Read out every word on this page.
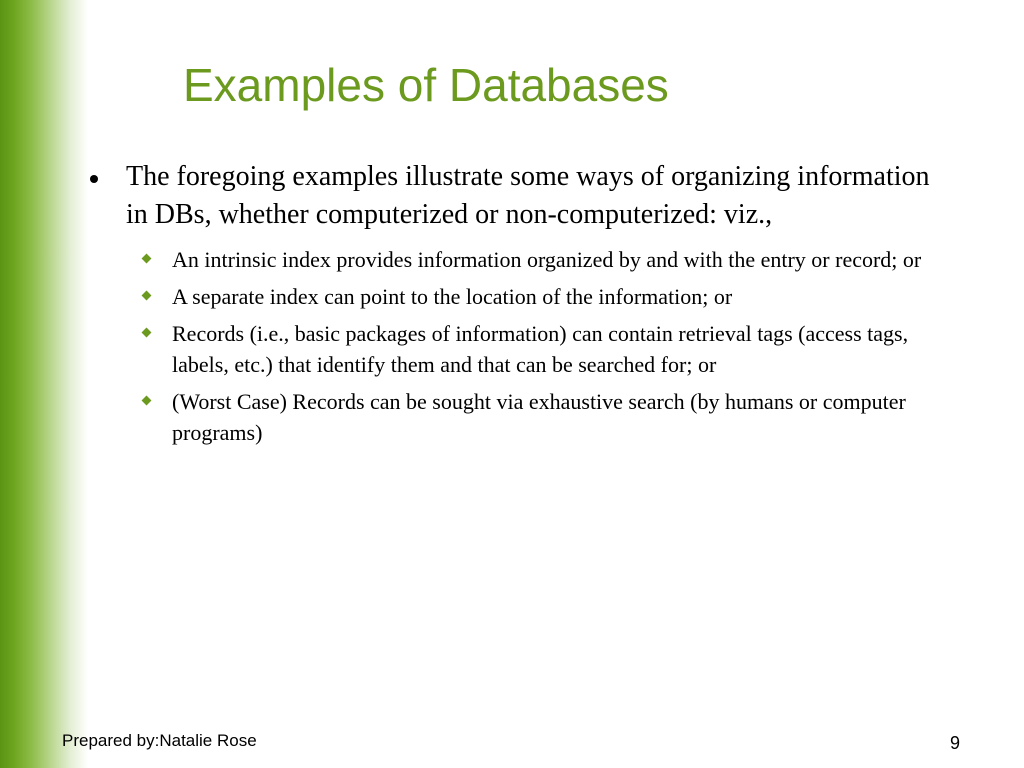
Examples of Databases
The foregoing examples illustrate some ways of organizing information in DBs, whether computerized or non-computerized: viz.,
An intrinsic index provides information organized by and with the entry or record; or
A separate index can point to the location of the information; or
Records (i.e., basic packages of information) can contain retrieval tags (access tags, labels, etc.) that identify them and that can be searched for; or
(Worst Case) Records can be sought via exhaustive search (by humans or computer programs)
Prepared by:Natalie Rose	9
